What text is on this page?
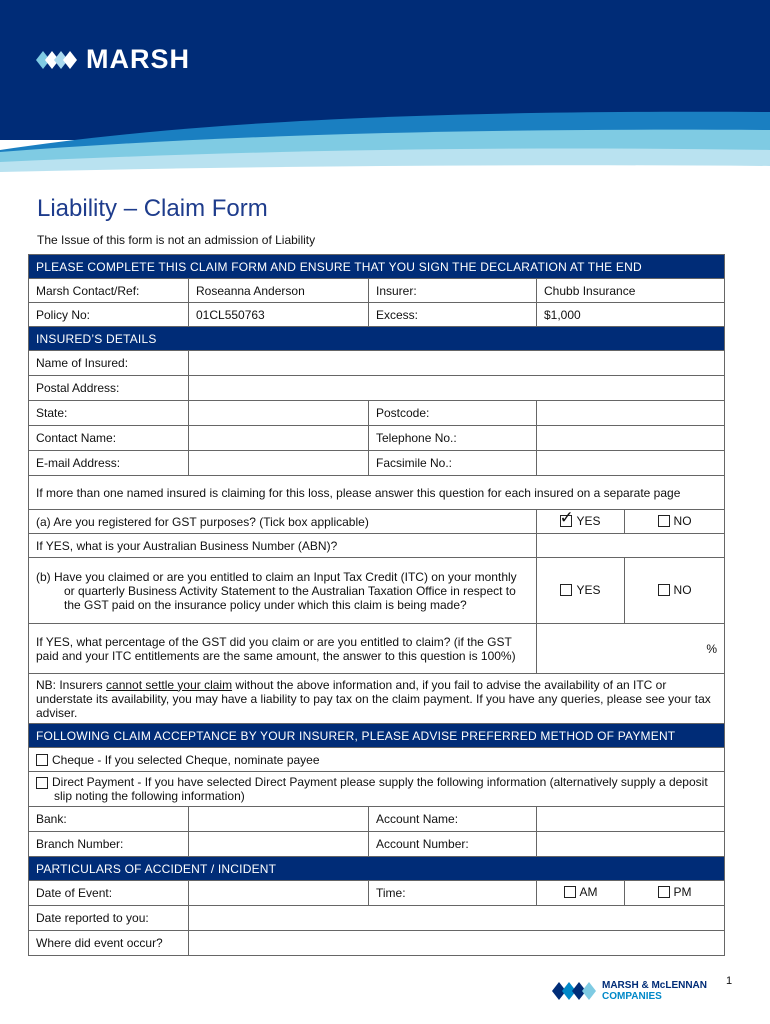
MARSH
Liability – Claim Form
The Issue of this form is not an admission of Liability
PLEASE COMPLETE THIS CLAIM FORM AND ENSURE THAT YOU SIGN THE DECLARATION AT THE END				
Marsh Contact/Ref:	Roseanna Anderson	Insurer:	Chubb Insurance	
Policy No:	01CL550763	Excess:	$1,000	
INSURED’S DETAILS				
Name of Insured:				
Postal Address:				
State:		Postcode:		
Contact Name:		Telephone No.:		
E-mail Address:		Facsimile No.:		
If more than one named insured is claiming for this loss, please answer this question for each insured on a separate page				
(a) Are you registered for GST purposes? (Tick box applicable)			✓ YES	NO

If YES, what is your Australian Business Number (ABN)?				

(b) Have you claimed or are you entitled to claim an Input Tax Credit (ITC) on your monthly or quarterly Business Activity Statement to the Australian Taxation Office in respect to the GST paid on the insurance policy under which this claim is being made?			YES	NO

If YES, what percentage of the GST did you claim or are you entitled to claim? (if the GST paid and your ITC entitlements are the same amount, the answer to this question is 100%)			%	
NB: Insurers cannot settle your claim without the above information and, if you fail to advise the availability of an ITC or understate its availability, you may have a liability to pay tax on the claim payment. If you have any queries, please see your tax adviser.				
FOLLOWING CLAIM ACCEPTANCE BY YOUR INSURER, PLEASE ADVISE PREFERRED METHOD OF PAYMENT				
Cheque - If you selected Cheque, nominate payee				

Direct Payment - If you have selected Direct Payment please supply the following information (alternatively supply a deposit slip noting the following information)				

Bank:		Account Name:		
Branch Number:		Account Number:		
PARTICULARS OF ACCIDENT / INCIDENT				
Date of Event:		Time:	AM	PM

Date reported to you:				
Where did event occur?				
MARSH & McLENNAN
COMPANIES
1
